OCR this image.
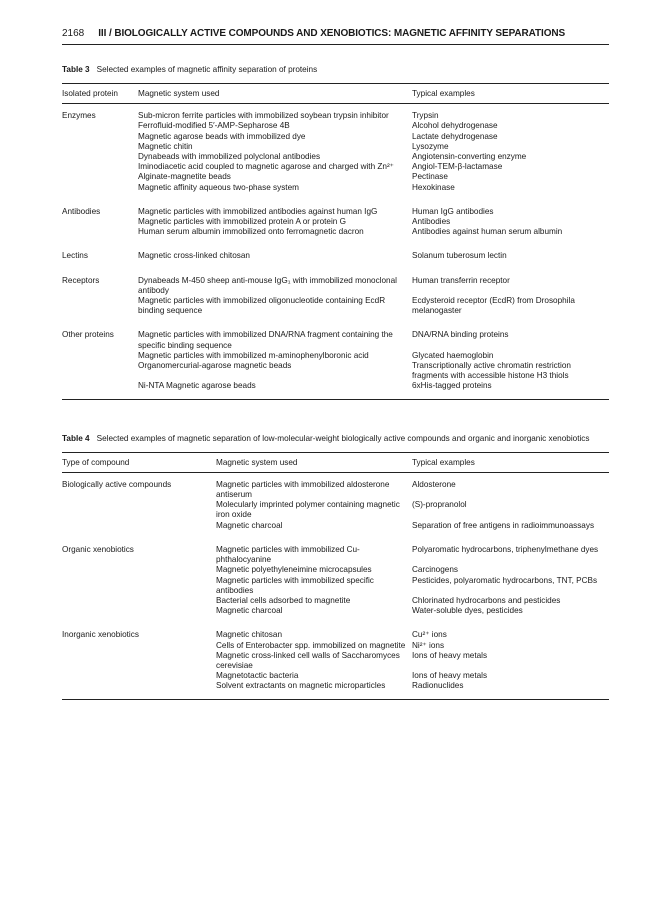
2168 III / BIOLOGICALLY ACTIVE COMPOUNDS AND XENOBIOTICS: MAGNETIC AFFINITY SEPARATIONS
Table 3 Selected examples of magnetic affinity separation of proteins
Isolated protein	Magnetic system used	Typical examples
Enzymes	Sub-micron ferrite particles with immobilized soybean trypsin inhibitor	Trypsin
	Ferrofluid-modified 5′-AMP-Sepharose 4B	Alcohol dehydrogenase
	Magnetic agarose beads with immobilized dye	Lactate dehydrogenase
	Magnetic chitin	Lysozyme
	Dynabeads with immobilized polyclonal antibodies	Angiotensin-converting enzyme
	Iminodiacetic acid coupled to magnetic agarose and charged with Zn²⁺	Angiol-TEM-β-lactamase
	Alginate-magnetite beads	Pectinase
	Magnetic affinity aqueous two-phase system	Hexokinase
Antibodies	Magnetic particles with immobilized antibodies against human IgG	Human IgG antibodies
	Magnetic particles with immobilized protein A or protein G	Antibodies
	Human serum albumin immobilized onto ferromagnetic dacron	Antibodies against human serum albumin
Lectins	Magnetic cross-linked chitosan	Solanum tuberosum lectin
Receptors	Dynabeads M-450 sheep anti-mouse IgG₁ with immobilized monoclonal antibody	Human transferrin receptor
	Magnetic particles with immobilized oligonucleotide containing EcdR binding sequence	Ecdysteroid receptor (EcdR) from Drosophila melanogaster
Other proteins	Magnetic particles with immobilized DNA/RNA fragment containing the specific binding sequence	DNA/RNA binding proteins
	Magnetic particles with immobilized m-aminophenylboronic acid	Glycated haemoglobin
	Organomercurial-agarose magnetic beads	Transcriptionally active chromatin restriction fragments with accessible histone H3 thiols
	Ni-NTA Magnetic agarose beads	6xHis-tagged proteins
Table 4 Selected examples of magnetic separation of low-molecular-weight biologically active compounds and organic and inorganic xenobiotics
Type of compound	Magnetic system used	Typical examples
Biologically active compounds	Magnetic particles with immobilized aldosterone antiserum	Aldosterone
	Molecularly imprinted polymer containing magnetic iron oxide	(S)-propranolol
	Magnetic charcoal	Separation of free antigens in radioimmunoassays
Organic xenobiotics	Magnetic particles with immobilized Cu-phthalocyanine	Polyaromatic hydrocarbons, triphenylmethane dyes
	Magnetic polyethyleneimine microcapsules	Carcinogens
	Magnetic particles with immobilized specific antibodies	Pesticides, polyaromatic hydrocarbons, TNT, PCBs
	Bacterial cells adsorbed to magnetite	Chlorinated hydrocarbons and pesticides
	Magnetic charcoal	Water-soluble dyes, pesticides
Inorganic xenobiotics	Magnetic chitosan	Cu²⁺ ions
	Cells of Enterobacter spp. immobilized on magnetite	Ni²⁺ ions
	Magnetic cross-linked cell walls of Saccharomyces cerevisiae	Ions of heavy metals
	Magnetotactic bacteria	Ions of heavy metals
	Solvent extractants on magnetic microparticles	Radionuclides
